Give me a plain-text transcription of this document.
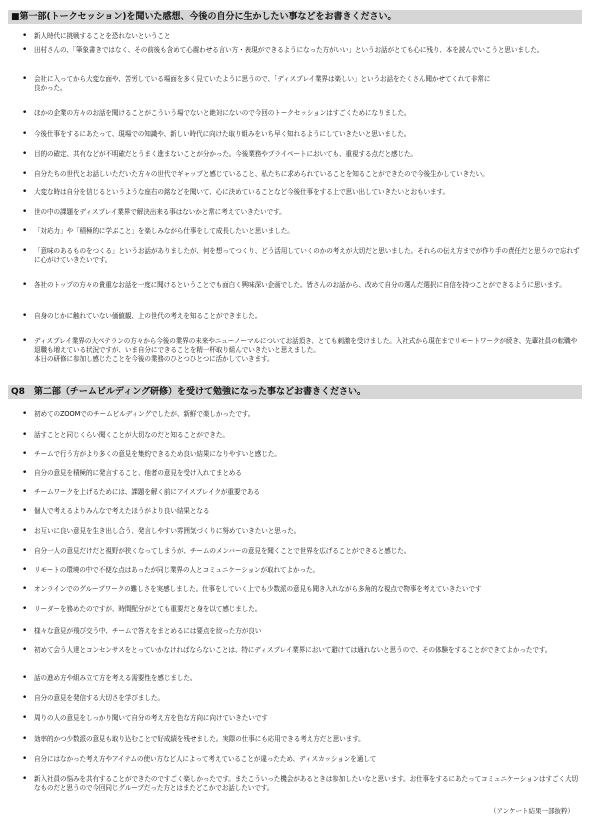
■第一部(トークセッション)を聞いた感想、今後の自分に生かしたい事などをお書きください。
• 新人時代に挑戦することを恐れないということ
• 田村さんの、「筆象書きではなく、その前後も含めて心震わせる言い方・表現ができるようになった方がいい」というお話がとても心に残り、本を読んでいこうと思いました。
• 会社に入ってから大変な面や、苦労している場面を多く見ていたように思うので、「ディスプレイ業界は楽しい」というお話をたくさん聞かせてくれて非常に
良かった。
• ほかの企業の方々のお話を聞けることがこういう場でないと絶対にないので今回のトークセッションはすごくためになりました。
• 今後仕事をするにあたって、現場での知識や、新しい時代に向けた取り組みをいち早く知れるようにしていきたいと思いました。
• 目的の確定、共有などが不明確だとうまく進まないことが分かった。今後業務やプライベートにおいても、重視する点だと感じた。
• 自分たちの世代とお話しいただいた方々の世代でギャップと感じていること、私たちに求められていることを知ることができたので今後生かしていきたい。
• 大変な時は自分を信じるというような座右の銘などを聞いて、心に決めていることなど今後仕事をする上で思い出していきたいとおもいます。
• 世の中の課題をディスプレイ業界で解決出来る事はないかと常に考えていきたいです。
• 「対応力」や「積極的に学ぶこと」を楽しみながら仕事をして成長したいと思いました。
• 「意味のあるものをつくる」というお話がありましたが、何を想ってつくり、どう活用していくのかの考えが大切だと思いました。それらの伝え方までが作り手の責任だと思うので忘れずに心がけていきたいです。
• 各社のトップの方々の貴重なお話を一度に聞けるということでも面白く興味深い企画でした。皆さんのお話から、改めて自分の選んだ選択に自信を持つことができるように思います。
• 自身のじかに触れていない価値観、上の世代の考えを知ることができました。
• ディスプレイ業界の大ベテランの方々から今後の業界の未来やニューノーマルについてお話頂き、とても刺激を受けました。入社式から現在までリモートワークが続き、先輩社員の転職や退職も増えている状況ですが、いま自分にできることを精一杯取り組んでいきたいと思えました。
本日の研修に参加し感じたことを今後の業務のひとつひとつに活かしていきます。
Q8　第二部（チームビルディング研修）を受けて勉強になった事などお書きください。
• 初めてのZOOMでのチームビルディングでしたが、新鮮で楽しかったです。
• 話すことと同じくらい聞くことが大切なのだと知ることができた。
• チームで行う方がより多くの意見を集約できるため良い結果になりやすいと感じた。
• 自分の意見を積極的に発言すること、他者の意見を受け入れてまとめる
• チームワークを上げるためには、課題を解く前にアイスブレイクが重要である
• 個人で考えるよりみんなで考えたほうがより良い結果となる
• お互いに良い意見を生き出し合う、発言しやすい雰囲気づくりに努めていきたいと思った。
• 自分一人の意見だけだと視野が狭くなってしまうが、チームのメンバーの意見を聞くことで世界を広げることができると感じた。
• リモートの環境の中で不便な点はあったが同じ業界の人とコミュニケーションが取れてよかった。
• オンラインでのグループワークの難しさを実感しました。仕事をしていく上でも少数派の意見も聞き入れながら多角的な視点で物事を考えていきたいです
• リーダーを務めたのですが、時間配分がとても重要だと身を以て感じました。
• 様々な意見が飛び交う中、チームで答えをまとめるには要点を絞った方が良い
• 初めて会う人達とコンセンサスをとっていかなければならないことは、特にディスプレイ業界において避けては通れないと思うので、その体験をすることができてよかったです。
• 話の進め方や組み立て方を考える需要性を感じました。
• 自分の意見を発信する大切さを学びました。
• 周りの人の意見をしっかり聞いて自分の考え方を色な方向に向けていきたいです
• 効率的かつ少数派の意見も取り込むことで好成績を残せました。実際の仕事にも応用できる考え方だと思います。
• 自分にはなかった考え方やアイテムの使い方など人によって考えていることが違ったため、ディスカッションを通して
• 新入社員の悩みを共有することができたのですごく楽しかったです。またこういった機会があるときは参加したいなと思います。お仕事をするにあたってコミュニケーションはすごく大切なものだと思うので今回同じグループだった方とはまたどこかでお話したいです。
（アンケート結果一部抜粋）
